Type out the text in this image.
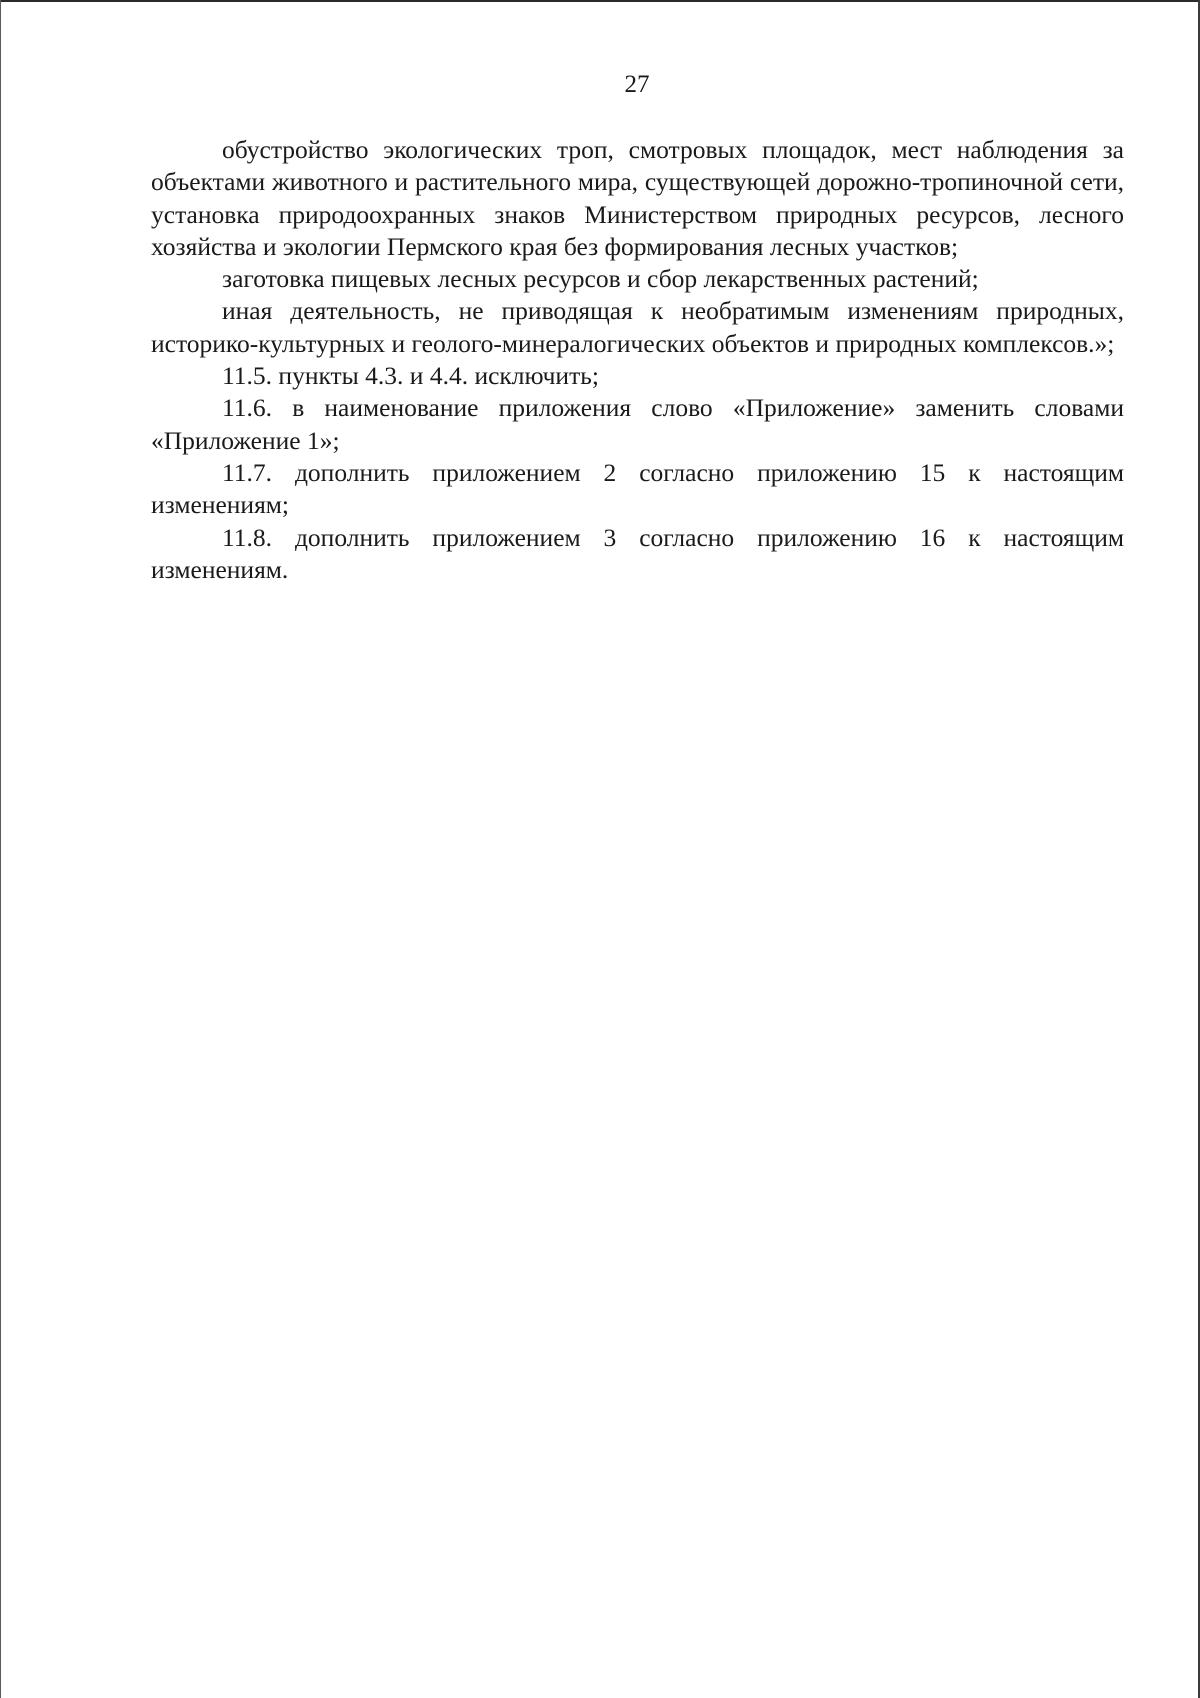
27

обустройство экологических троп, смотровых площадок, мест наблюдения за объектами животного и растительного мира, существующей дорожно-тропиночной сети, установка природоохранных знаков Министерством природных ресурсов, лесного хозяйства и экологии Пермского края без формирования лесных участков;

заготовка пищевых лесных ресурсов и сбор лекарственных растений;

иная деятельность, не приводящая к необратимым изменениям природных, историко-культурных и геолого-минералогических объектов и природных комплексов.»;

11.5. пункты 4.3. и 4.4. исключить;

11.6. в наименование приложения слово «Приложение» заменить словами «Приложение 1»;

11.7. дополнить приложением 2 согласно приложению 15 к настоящим изменениям;

11.8. дополнить приложением 3 согласно приложению 16 к настоящим изменениям.
